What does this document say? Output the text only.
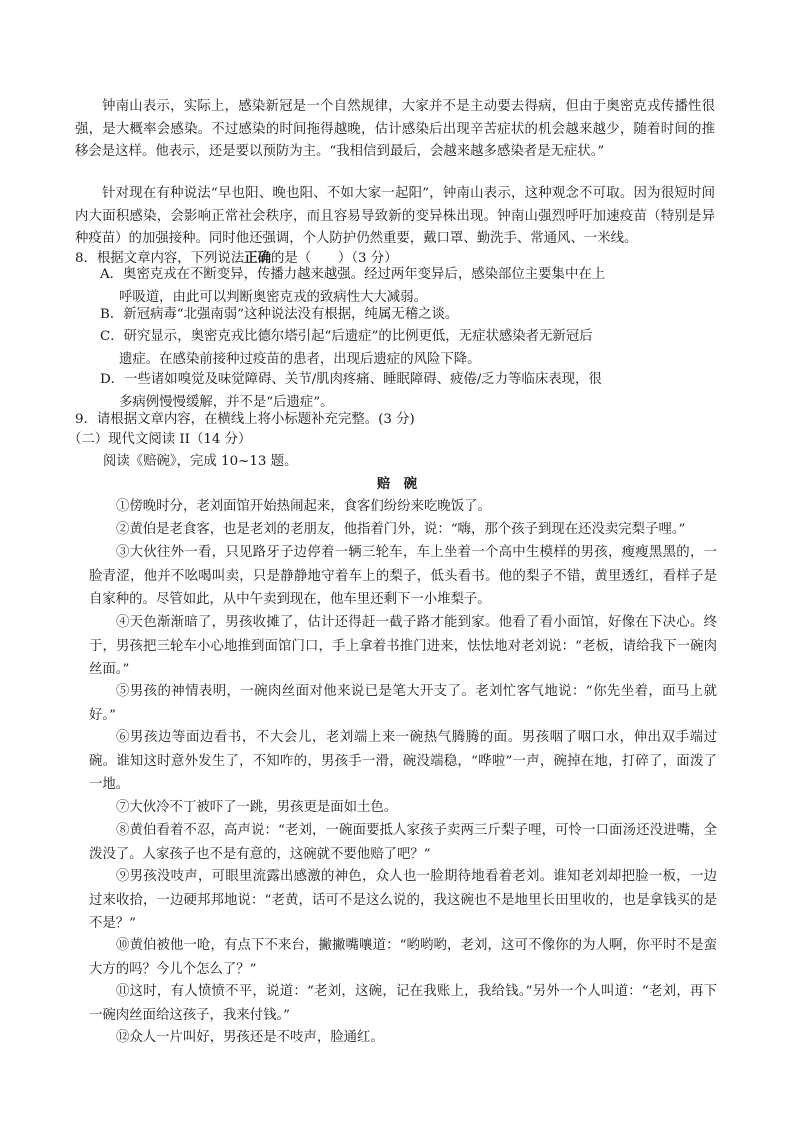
钟南山表示，实际上，感染新冠是一个自然规律，大家并不是主动要去得病，但由于奥密克戎传播性很强，是大概率会感染。不过感染的时间拖得越晚，估计感染后出现辛苦症状的机会越来越少，随着时间的推移会是这样。他表示，还是要以预防为主。“我相信到最后，会越来越多感染者是无症状。”

针对现在有种说法“早也阳、晚也阳、不如大家一起阳”，钟南山表示，这种观念不可取。因为很短时间内大面积感染，会影响正常社会秩序，而且容易导致新的变异株出现。钟南山强烈呼吁加速疫苗（特别是异种疫苗）的加强接种。同时他还强调，个人防护仍然重要，戴口罩、勤洗手、常通风、一米线。

8．根据文章内容，下列说法正确的是（　　）（3 分）

A．奥密克戎在不断变异，传播力越来越强。经过两年变异后，感染部位主要集中在上
呼吸道，由此可以判断奥密克戎的致病性大大减弱。

B．新冠病毒“北强南弱”这种说法没有根据，纯属无稽之谈。

C．研究显示，奥密克戎比德尔塔引起“后遗症”的比例更低，无症状感染者无新冠后
遗症。在感染前接种过疫苗的患者，出现后遗症的风险下降。

D．一些诸如嗅觉及味觉障碍、关节/肌肉疼痛、睡眠障碍、疲倦/乏力等临床表现，很
多病例慢慢缓解，并不是“后遗症”。

9．请根据文章内容，在横线上将小标题补充完整。(3 分)

（二）现代文阅读 II（14 分）

阅读《赔碗》，完成 10~13 题。

赔　碗

①傍晚时分，老刘面馆开始热闹起来，食客们纷纷来吃晚饭了。

②黄伯是老食客，也是老刘的老朋友，他指着门外，说：“嗨，那个孩子到现在还没卖完梨子哩。”

③大伙往外一看，只见路牙子边停着一辆三轮车，车上坐着一个高中生模样的男孩，瘦瘦黑黑的，一脸青涩，他并不吆喝叫卖，只是静静地守着车上的梨子，低头看书。他的梨子不错，黄里透红，看样子是自家种的。尽管如此，从中午卖到现在，他车里还剩下一小堆梨子。

④天色渐渐暗了，男孩收摊了，估计还得赶一截子路才能到家。他看了看小面馆，好像在下决心。终于，男孩把三轮车小心地推到面馆门口，手上拿着书推门进来，怯怯地对老刘说：“老板，请给我下一碗肉丝面。”

⑤男孩的神情表明，一碗肉丝面对他来说已是笔大开支了。老刘忙客气地说：“你先坐着，面马上就好。”

⑥男孩边等面边看书，不大会儿，老刘端上来一碗热气腾腾的面。男孩咽了咽口水，伸出双手端过碗。谁知这时意外发生了，不知咋的，男孩手一滑，碗没端稳，“哗啦”一声，碗掉在地，打碎了，面泼了一地。

⑦大伙冷不丁被吓了一跳，男孩更是面如土色。

⑧黄伯看着不忍，高声说：“老刘，一碗面要抵人家孩子卖两三斤梨子哩，可怜一口面汤还没进嘴，全泼没了。人家孩子也不是有意的，这碗就不要他赔了吧？”

⑨男孩没吱声，可眼里流露出感激的神色，众人也一脸期待地看着老刘。谁知老刘却把脸一板，一边过来收拾，一边硬邦邦地说：“老黄，话可不是这么说的，我这碗也不是地里长田里收的，也是拿钱买的是不是？”

⑩黄伯被他一呛，有点下不来台，撇撇嘴嚷道：“哟哟哟，老刘，这可不像你的为人啊，你平时不是蛮大方的吗？今儿个怎么了？”

⑪这时，有人愤愤不平，说道：“老刘，这碗，记在我账上，我给钱。”另外一个人叫道：“老刘，再下一碗肉丝面给这孩子，我来付钱。”

⑫众人一片叫好，男孩还是不吱声，脸通红。
